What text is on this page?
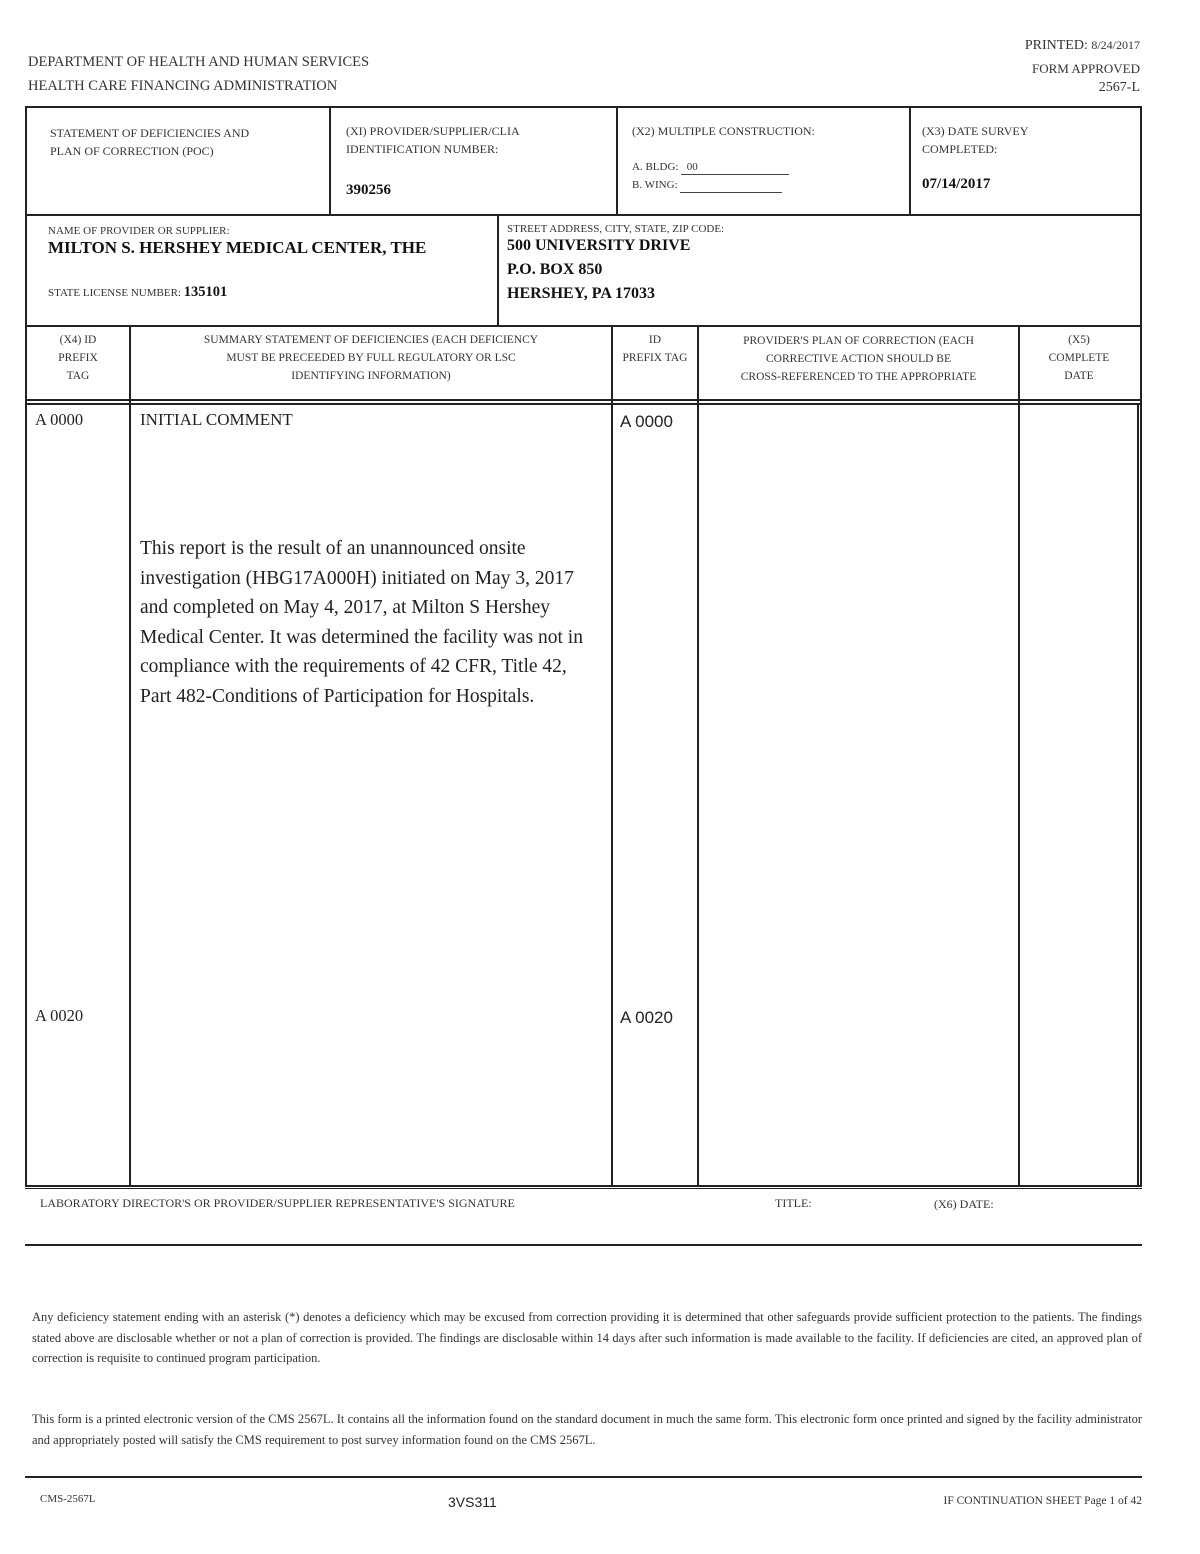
DEPARTMENT OF HEALTH AND HUMAN SERVICES
HEALTH CARE FINANCING ADMINISTRATION
PRINTED: 8/24/2017
FORM APPROVED
2567-L
STATEMENT OF DEFICIENCIES AND
PLAN OF CORRECTION (POC)
(XI) PROVIDER/SUPPLIER/CLIA
IDENTIFICATION NUMBER:
390256
(X2) MULTIPLE CONSTRUCTION:
A. BLDG: 00
B. WING:
(X3) DATE SURVEY
COMPLETED:
07/14/2017
NAME OF PROVIDER OR SUPPLIER:
MILTON S. HERSHEY MEDICAL CENTER, THE
STATE LICENSE NUMBER: 135101
STREET ADDRESS, CITY, STATE, ZIP CODE:
500 UNIVERSITY DRIVE
P.O. BOX 850
HERSHEY, PA 17033
(X4) ID
PREFIX
TAG
SUMMARY STATEMENT OF DEFICIENCIES (EACH DEFICIENCY
MUST BE PRECEEDED BY FULL REGULATORY OR LSC
IDENTIFYING INFORMATION)
ID
PREFIX TAG
PROVIDER'S PLAN OF CORRECTION (EACH
CORRECTIVE ACTION SHOULD BE
CROSS-REFERENCED TO THE APPROPRIATE
(X5)
COMPLETE
DATE
A 0000	INITIAL COMMENT	A 0000
This report is the result of an unannounced onsite investigation (HBG17A000H) initiated on May 3, 2017 and completed on May 4, 2017, at Milton S Hershey Medical Center. It was determined the facility was not in compliance with the requirements of 42 CFR, Title 42, Part 482-Conditions of Participation for Hospitals.
A 0020	A 0020
LABORATORY DIRECTOR'S OR PROVIDER/SUPPLIER REPRESENTATIVE'S SIGNATURE	TITLE:	(X6) DATE:
Any deficiency statement ending with an asterisk (*) denotes a deficiency which may be excused from correction providing it is determined that other safeguards provide sufficient protection to the patients. The findings stated above are disclosable whether or not a plan of correction is provided. The findings are disclosable within 14 days after such information is made available to the facility. If deficiencies are cited, an approved plan of correction is requisite to continued program participation.
This form is a printed electronic version of the CMS 2567L. It contains all the information found on the standard document in much the same form. This electronic form once printed and signed by the facility administrator and appropriately posted will satisfy the CMS requirement to post survey information found on the CMS 2567L.
CMS-2567L	3VS311	IF CONTINUATION SHEET Page 1 of 42
